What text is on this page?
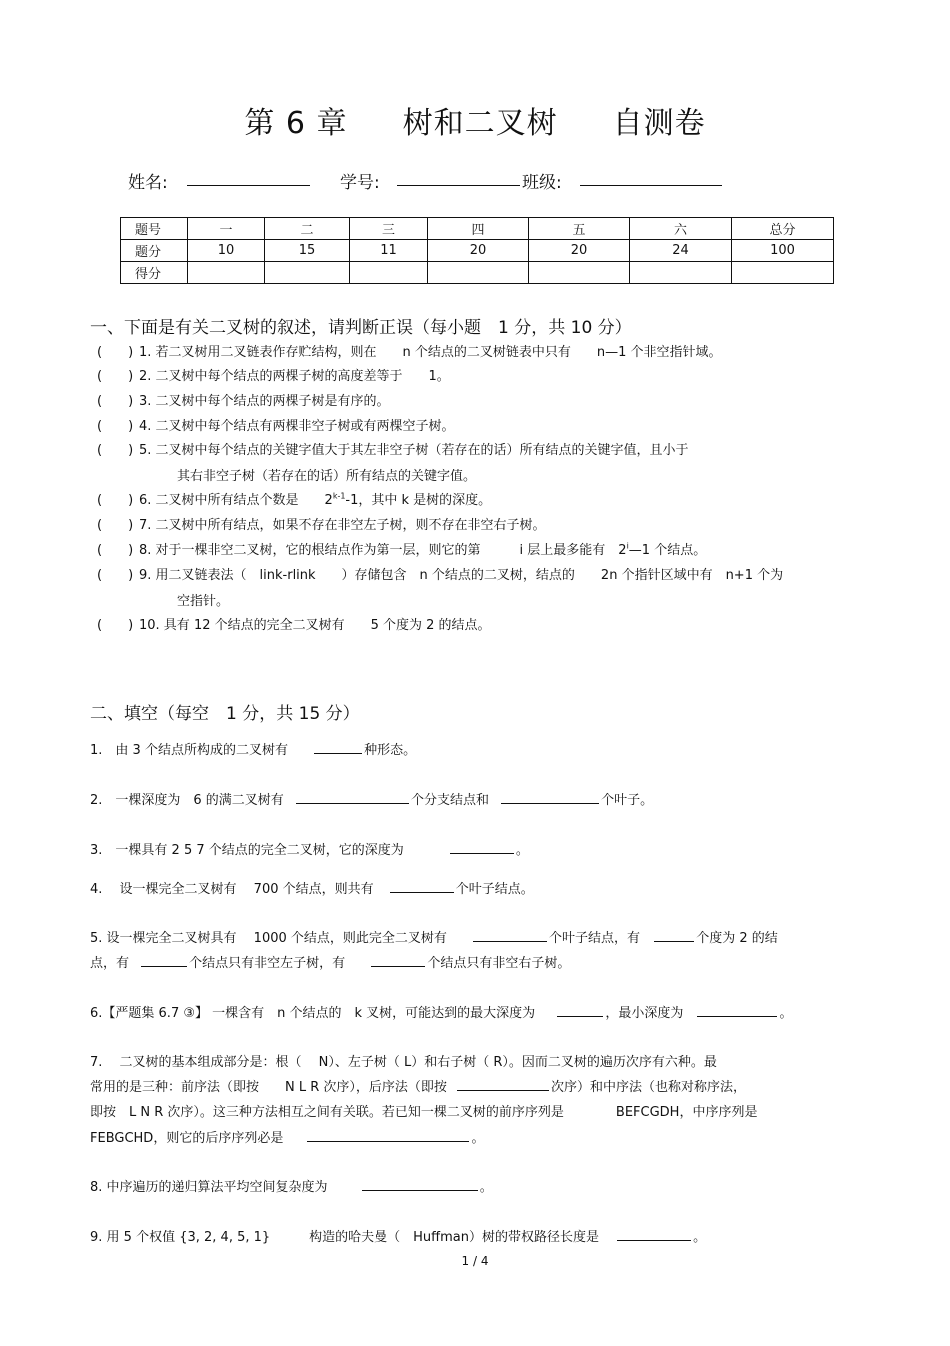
第 6 章 树和二叉树 自测卷
姓名:	学号:	班级:
题号	一	二	三	四	五	六	总分
题分	10	15	11	20	20	24	100
得分							
一、下面是有关二叉树的叙述，请判断正误（每小题　1 分，共 10 分）
(　　) 1. 若二叉树用二叉链表作存贮结构，则在　　n 个结点的二叉树链表中只有　　n—1 个非空指针域。
(　　) 2. 二叉树中每个结点的两棵子树的高度差等于　　1。
(　　) 3. 二叉树中每个结点的两棵子树是有序的。
(　　) 4. 二叉树中每个结点有两棵非空子树或有两棵空子树。
(　　) 5. 二叉树中每个结点的关键字值大于其左非空子树（若存在的话）所有结点的关键字值，且小于
其右非空子树（若存在的话）所有结点的关键字值。
(　　) 6. 二叉树中所有结点个数是　　2$^{k-1}$-1，其中 k 是树的深度。
(　　) 7. 二叉树中所有结点，如果不存在非空左子树，则不存在非空右子树。
(　　) 8. 对于一棵非空二叉树，它的根结点作为第一层，则它的第　　　i 层上最多能有　2$^i$—1 个结点。
(　　) 9. 用二叉链表法（　link-rlink　　）存储包含　n 个结点的二叉树，结点的　　2n 个指针区域中有　n+1 个为
空指针。
(　　) 10. 具有 12 个结点的完全二叉树有　　5 个度为 2 的结点。
二、填空（每空　1 分，共 15 分）
1.　由 3 个结点所构成的二叉树有	种形态。
2.　一棵深度为　6 的满二叉树有	个分支结点和	个叶子。
3.　一棵具有 2 5 7 个结点的完全二叉树，它的深度为	。
4.　 设一棵完全二叉树有　 700 个结点，则共有	个叶子结点。
5. 设一棵完全二叉树具有　 1000 个结点，则此完全二叉树有	个叶子结点，有	个度为 2 的结
点，有	个结点只有非空左子树，有	个结点只有非空右子树。
6.【严题集 6.7 ③】 一棵含有　n 个结点的　k 叉树，可能达到的最大深度为	，最小深度为	。
7.　 二叉树的基本组成部分是：根（　 N）、左子树（ L）和右子树（ R）。因而二叉树的遍历次序有六种。最
常用的是三种：前序法（即按　　N L R 次序），后序法（即按	次序）和中序法（也称对称序法，
即按　L N R 次序）。这三种方法相互之间有关联。若已知一棵二叉树的前序序列是　　　　BEFCGDH，中序序列是
FEBGCHD，则它的后序序列必是	。
8. 中序遍历的递归算法平均空间复杂度为	。
9. 用 5 个权值 {3, 2, 4, 5, 1}　　　构造的哈夫曼（　Huffman）树的带权路径长度是	。
1 / 4
